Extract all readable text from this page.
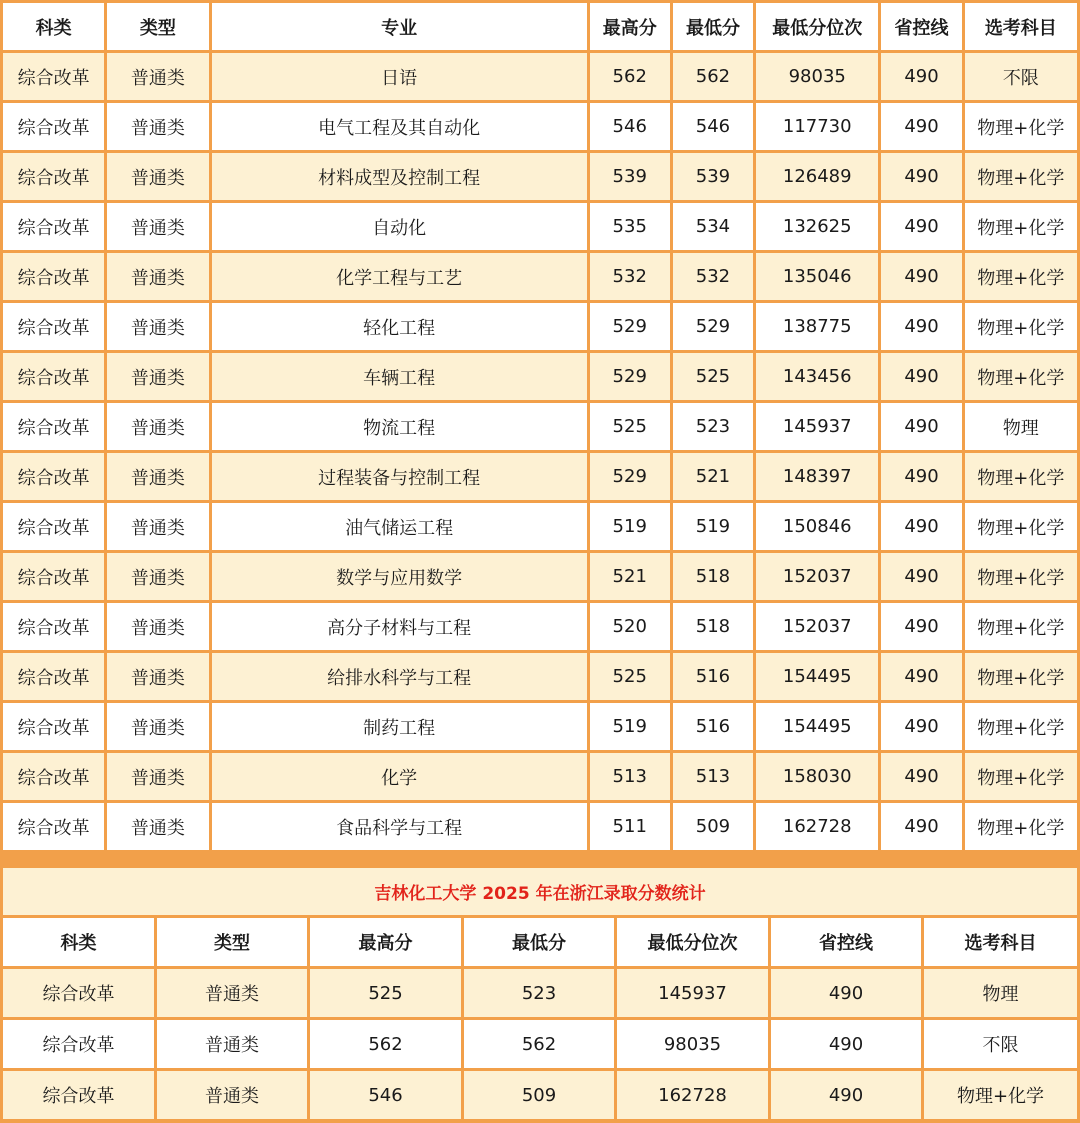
科类	类型	专业	最高分	最低分	最低分位次	省控线	选考科目
综合改革	普通类	日语	562	562	98035	490	不限
综合改革	普通类	电气工程及其自动化	546	546	117730	490	物理+化学
综合改革	普通类	材料成型及控制工程	539	539	126489	490	物理+化学
综合改革	普通类	自动化	535	534	132625	490	物理+化学
综合改革	普通类	化学工程与工艺	532	532	135046	490	物理+化学
综合改革	普通类	轻化工程	529	529	138775	490	物理+化学
综合改革	普通类	车辆工程	529	525	143456	490	物理+化学
综合改革	普通类	物流工程	525	523	145937	490	物理
综合改革	普通类	过程装备与控制工程	529	521	148397	490	物理+化学
综合改革	普通类	油气储运工程	519	519	150846	490	物理+化学
综合改革	普通类	数学与应用数学	521	518	152037	490	物理+化学
综合改革	普通类	高分子材料与工程	520	518	152037	490	物理+化学
综合改革	普通类	给排水科学与工程	525	516	154495	490	物理+化学
综合改革	普通类	制药工程	519	516	154495	490	物理+化学
综合改革	普通类	化学	513	513	158030	490	物理+化学
综合改革	普通类	食品科学与工程	511	509	162728	490	物理+化学
吉林化工大学 2025 年在浙江录取分数统计
科类	类型	最高分	最低分	最低分位次	省控线	选考科目
综合改革	普通类	525	523	145937	490	物理
综合改革	普通类	562	562	98035	490	不限
综合改革	普通类	546	509	162728	490	物理+化学
